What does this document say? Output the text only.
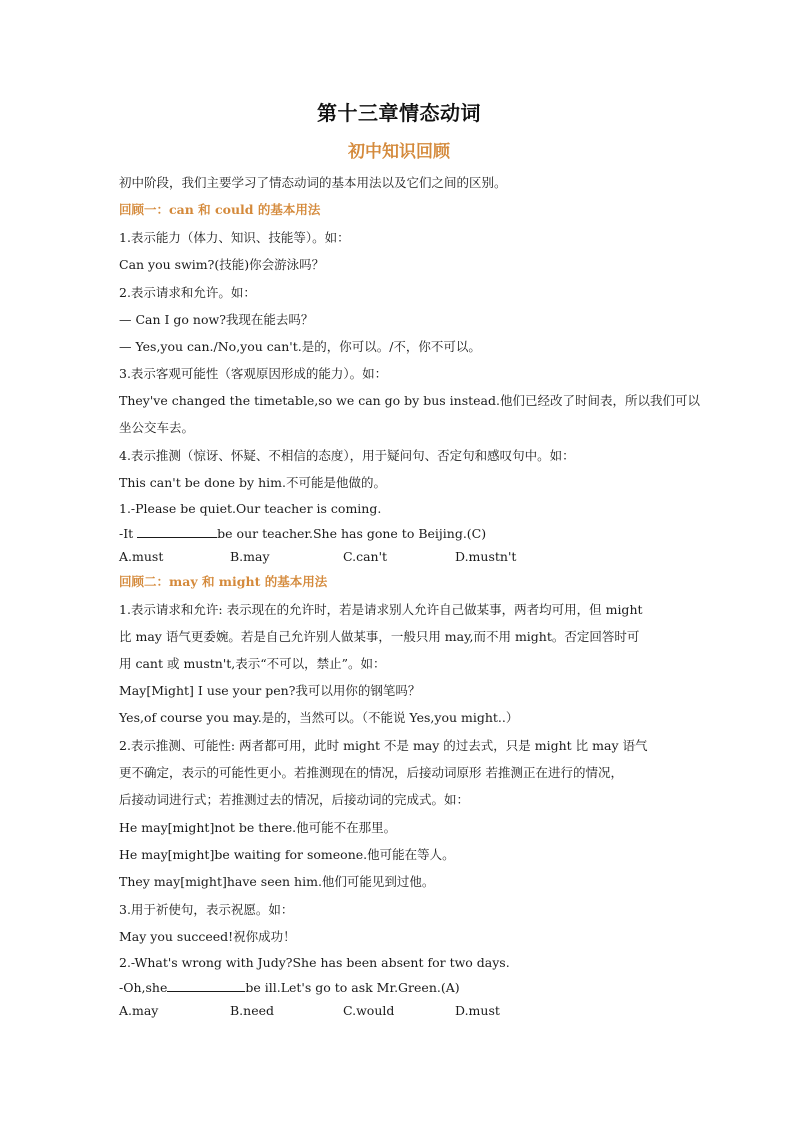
第十三章情态动词
初中知识回顾
初中阶段，我们主要学习了情态动词的基本用法以及它们之间的区别。
回顾一：can 和 could 的基本用法
1.表示能力（体力、知识、技能等）。如：
Can you swim?(技能)你会游泳吗？
2.表示请求和允许。如：
— Can I go now?我现在能去吗？
— Yes,you can./No,you can't.是的，你可以。/不，你不可以。
3.表示客观可能性（客观原因形成的能力）。如：
They've changed the timetable,so we can go by bus instead.他们已经改了时间表，所以我们可以
坐公交车去。
4.表示推测（惊讶、怀疑、不相信的态度），用于疑问句、否定句和感叹句中。如：
This can't be done by him.不可能是他做的。
1.-Please be quiet.Our teacher is coming.
-It	be our teacher.She has gone to Beijing.(C)
A.must	B.may	C.can't	D.mustn't
回顾二：may 和 might 的基本用法
1.表示请求和允许: 表示现在的允许时，若是请求别人允许自己做某事，两者均可用，但 might
比 may 语气更委婉。若是自己允许别人做某事，一般只用 may,而不用 might。否定回答时可
用 cant 或 mustn't,表示“不可以，禁止”。如：
May[Might] I use your pen?我可以用你的钢笔吗？
Yes,of course you may.是的，当然可以。（不能说 Yes,you might..）
2.表示推测、可能性: 两者都可用，此时 might 不是 may 的过去式，只是 might 比 may 语气
更不确定，表示的可能性更小。若推测现在的情况，后接动词原形 若推测正在进行的情况，
后接动词进行式；若推测过去的情况，后接动词的完成式。如：
He may[might]not be there.他可能不在那里。
He may[might]be waiting for someone.他可能在等人。
They may[might]have seen him.他们可能见到过他。
3.用于祈使句，表示祝愿。如：
May you succeed!祝你成功！
2.-What's wrong with Judy?She has been absent for two days.
-Oh,she	be ill.Let's go to ask Mr.Green.(A)
A.may	B.need	C.would	D.must
